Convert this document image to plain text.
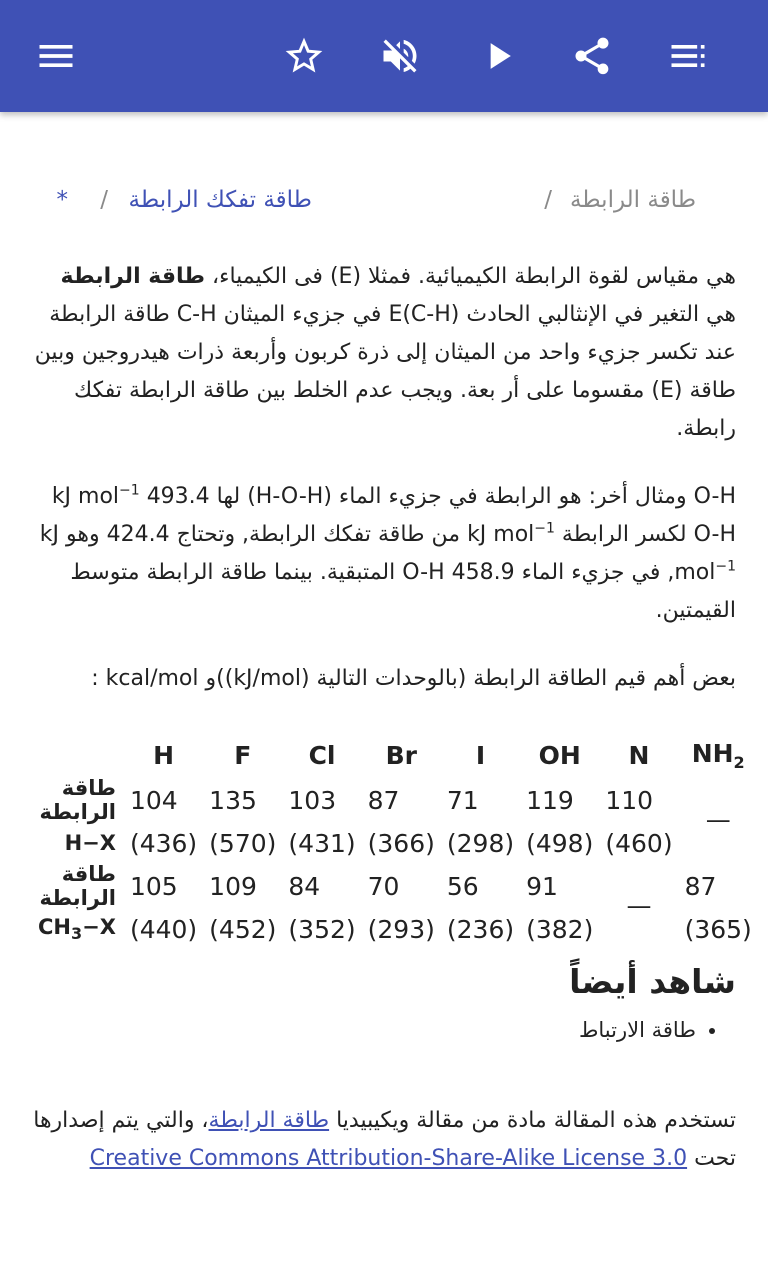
طاقة الرابطة
/
طاقة تفكك الرابطة
/
*

هي مقياس لقوة الرابطة الكيميائية. فمثلا (E) فى الكيمياء، طاقة الرابطة هي التغير في الإنثالبي الحادث E(C-H) في جزيء الميثان C-H طاقة الرابطة عند تكسر جزيء واحد من الميثان إلى ذرة كربون وأربعة ذرات هيدروجين وبين طاقة (E) مقسوما على أر بعة. ويجب عدم الخلط بين طاقة الرابطة تفكك رابطة.

O-H ومثال أخر: هو الرابطة في جزيء الماء (H-O-H) لها 493.4 kJ mol$^{-1}$ O-H لكسر الرابطة kJ mol$^{-1}$ من طاقة تفكك الرابطة, وتحتاج 424.4 وهو kJ mol$^{-1}$, في جزيء الماء O-H 458.9 المتبقية. بينما طاقة الرابطة متوسط القيمتين.

بعض أهم قيم الطاقة الرابطة (بالوحدات التالية (kJ/mol))و kcal/mol :

	H	F	Cl	Br	I	OH	N	$NH_2$
طاقة الرابطة	104	135	103	87	71	119	110	—
H−X	(436)	(570)	(431)	(366)	(298)	(498)	(460)	
طاقة الرابطة	105	109	84	70	56	91	—	87
$CH_3-X$	(440)	(452)	(352)	(293)	(236)	(382)		(365)
شاهد أيضاً
• طاقة الارتباط

تستخدم هذه المقالة مادة من مقالة ويكيبيديا طاقة الرابطة، والتي يتم إصدارها تحت Creative Commons Attribution-Share-Alike License 3.0
